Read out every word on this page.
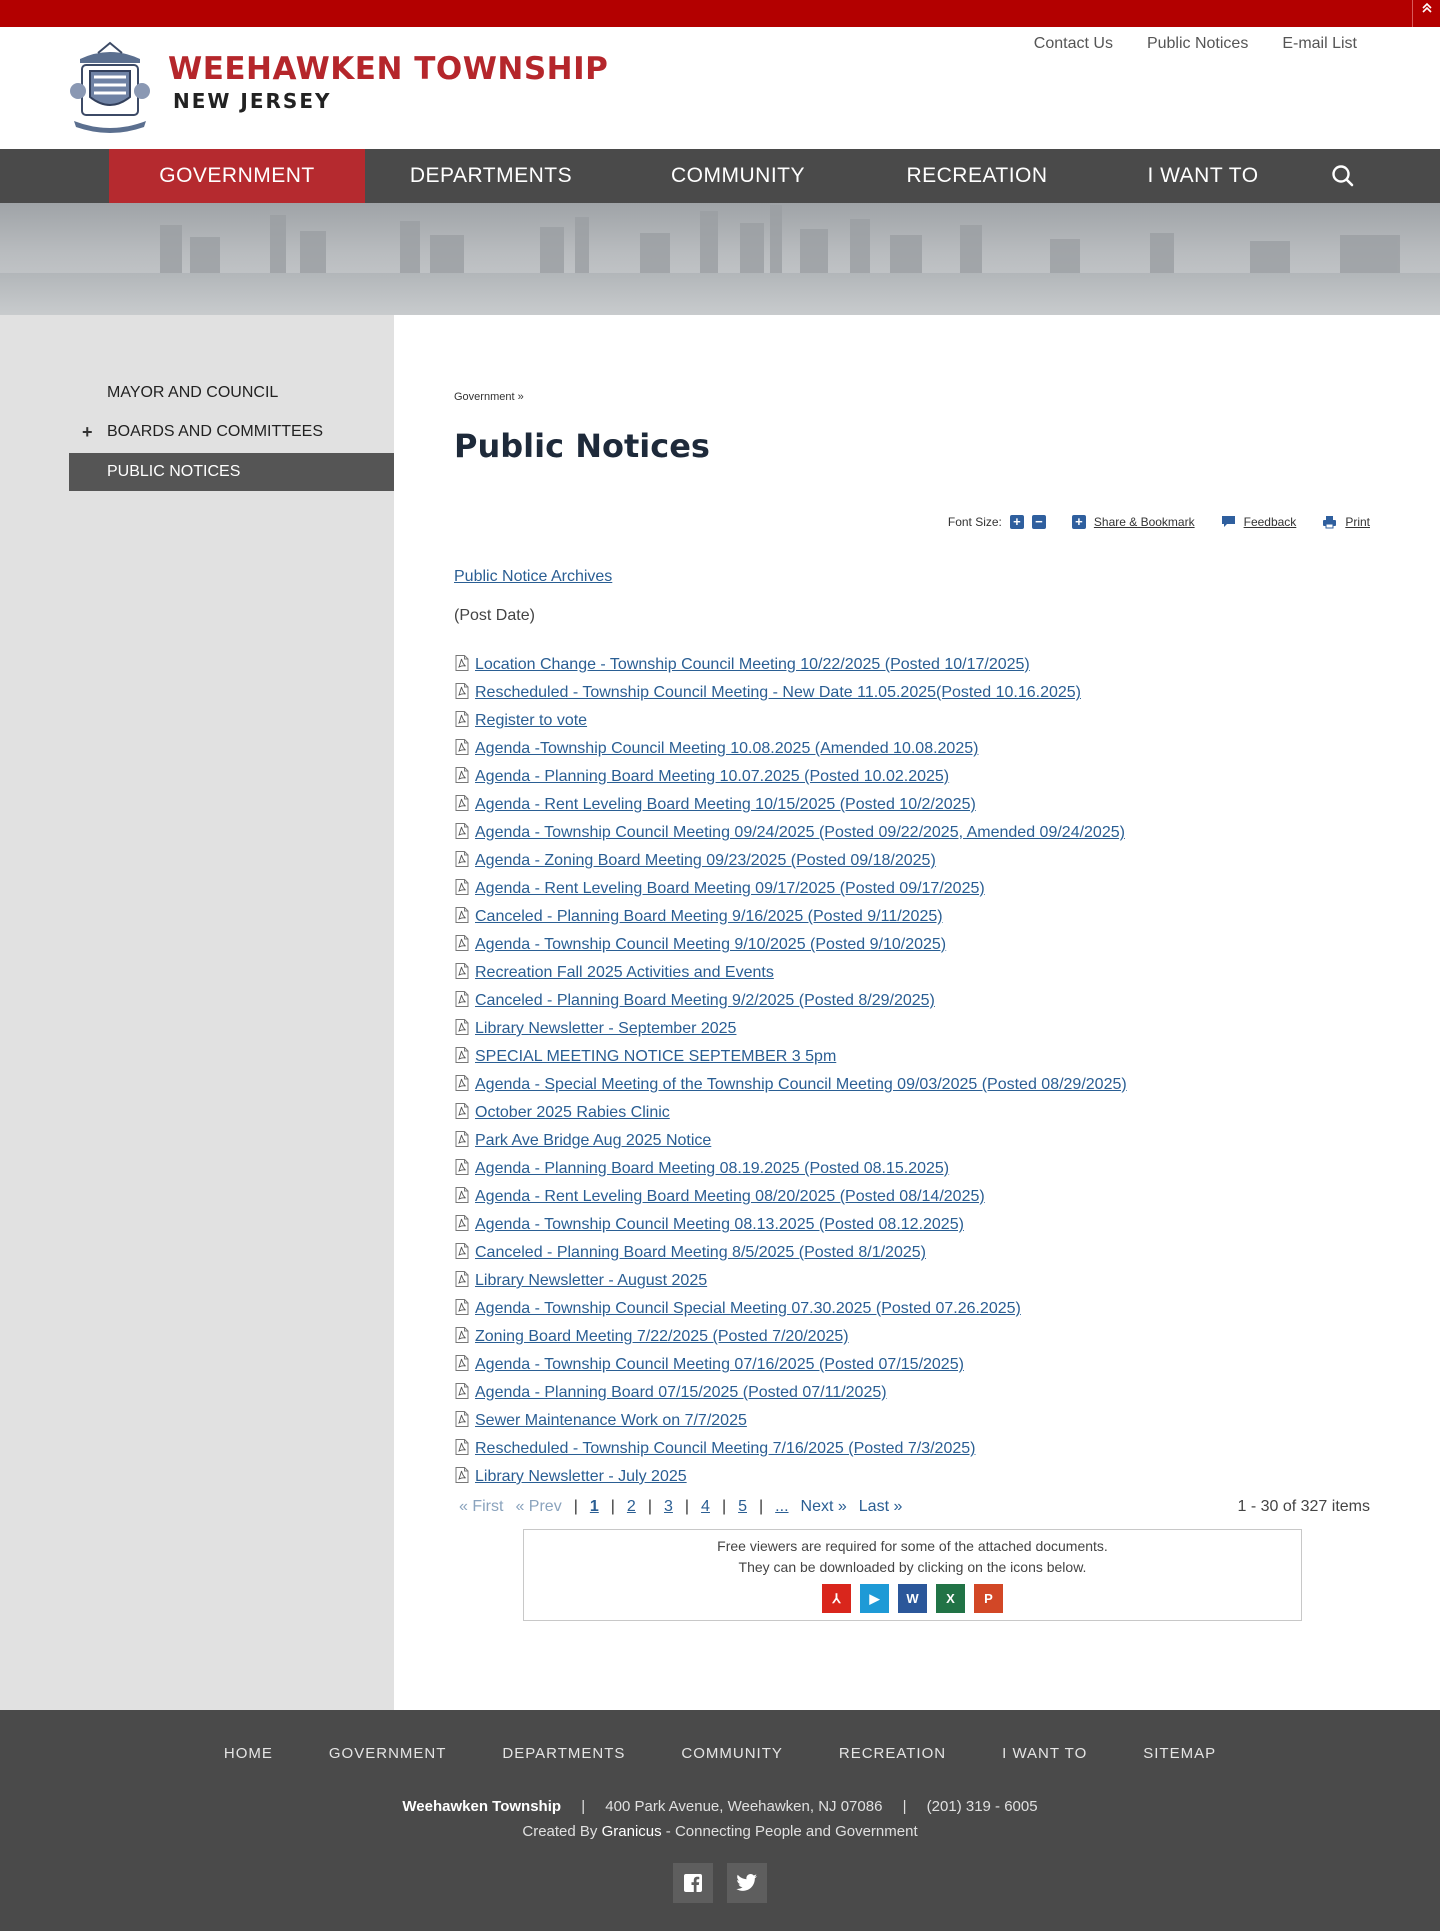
WEEHAWKEN TOWNSHIP
NEW JERSEY
Contact Us Public Notices E-mail List
GOVERNMENT	DEPARTMENTS	COMMUNITY	RECREATION	I WANT TO
MAYOR AND COUNCIL
+ BOARDS AND COMMITTEES
PUBLIC NOTICES
Government »
Public Notices
Font Size: + − + Share & Bookmark	Feedback	Print
Public Notice Archives
(Post Date)
Location Change - Township Council Meeting 10/22/2025 (Posted 10/17/2025)
Rescheduled - Township Council Meeting - New Date 11.05.2025(Posted 10.16.2025)
Register to vote
Agenda -Township Council Meeting 10.08.2025 (Amended 10.08.2025)
Agenda - Planning Board Meeting 10.07.2025 (Posted 10.02.2025)
Agenda - Rent Leveling Board Meeting 10/15/2025 (Posted 10/2/2025)
Agenda - Township Council Meeting 09/24/2025 (Posted 09/22/2025, Amended 09/24/2025)
Agenda - Zoning Board Meeting 09/23/2025 (Posted 09/18/2025)
Agenda - Rent Leveling Board Meeting 09/17/2025 (Posted 09/17/2025)
Canceled - Planning Board Meeting 9/16/2025 (Posted 9/11/2025)
Agenda - Township Council Meeting 9/10/2025 (Posted 9/10/2025)
Recreation Fall 2025 Activities and Events
Canceled - Planning Board Meeting 9/2/2025 (Posted 8/29/2025)
Library Newsletter - September 2025
SPECIAL MEETING NOTICE SEPTEMBER 3 5pm
Agenda - Special Meeting of the Township Council Meeting 09/03/2025 (Posted 08/29/2025)
October 2025 Rabies Clinic
Park Ave Bridge Aug 2025 Notice
Agenda - Planning Board Meeting 08.19.2025 (Posted 08.15.2025)
Agenda - Rent Leveling Board Meeting 08/20/2025 (Posted 08/14/2025)
Agenda - Township Council Meeting 08.13.2025 (Posted 08.12.2025)
Canceled - Planning Board Meeting 8/5/2025 (Posted 8/1/2025)
Library Newsletter - August 2025
Agenda - Township Council Special Meeting 07.30.2025 (Posted 07.26.2025)
Zoning Board Meeting 7/22/2025 (Posted 7/20/2025)
Agenda - Township Council Meeting 07/16/2025 (Posted 07/15/2025)
Agenda - Planning Board 07/15/2025 (Posted 07/11/2025)
Sewer Maintenance Work on 7/7/2025
Rescheduled - Township Council Meeting 7/16/2025 (Posted 7/3/2025)
Library Newsletter - July 2025
« First « Prev | 1 | 2 | 3 | 4 | 5 | ... Next » Last »	1 - 30 of 327 items

Free viewers are required for some of the attached documents.

They can be downloaded by clicking on the icons below.

⅄	▶	W	X	P
HOME	GOVERNMENT	DEPARTMENTS	COMMUNITY	RECREATION	I WANT TO	SITEMAP
Weehawken Township | 400 Park Avenue, Weehawken, NJ 07086 | (201) 319 - 6005
Created By Granicus - Connecting People and Government
